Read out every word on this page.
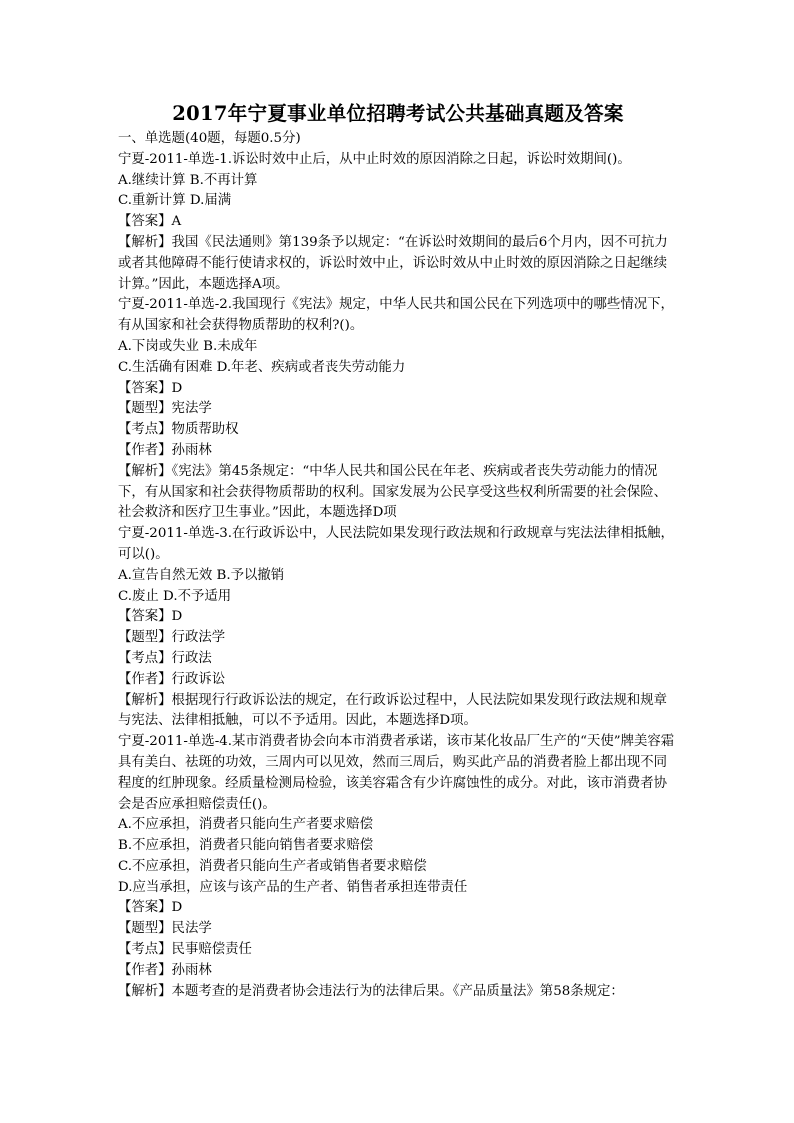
2017年宁夏事业单位招聘考试公共基础真题及答案
一、单选题(40题，每题0.5分)
宁夏-2011-单选-1.诉讼时效中止后，从中止时效的原因消除之日起，诉讼时效期间()。
A.继续计算 B.不再计算
C.重新计算 D.届满
【答案】A
【解析】我国《民法通则》第139条予以规定：“在诉讼时效期间的最后6个月内，因不可抗力或者其他障碍不能行使请求权的，诉讼时效中止，诉讼时效从中止时效的原因消除之日起继续计算。”因此，本题选择A项。
宁夏-2011-单选-2.我国现行《宪法》规定，中华人民共和国公民在下列选项中的哪些情况下，有从国家和社会获得物质帮助的权利?()。
A.下岗或失业 B.未成年
C.生活确有困难 D.年老、疾病或者丧失劳动能力
【答案】D
【题型】宪法学
【考点】物质帮助权
【作者】孙雨林
【解析】《宪法》第45条规定：“中华人民共和国公民在年老、疾病或者丧失劳动能力的情况下，有从国家和社会获得物质帮助的权利。国家发展为公民享受这些权利所需要的社会保险、社会救济和医疗卫生事业。”因此，本题选择D项
宁夏-2011-单选-3.在行政诉讼中，人民法院如果发现行政法规和行政规章与宪法法律相抵触，可以()。
A.宣告自然无效 B.予以撤销
C.废止 D.不予适用
【答案】D
【题型】行政法学
【考点】行政法
【作者】行政诉讼
【解析】根据现行行政诉讼法的规定，在行政诉讼过程中，人民法院如果发现行政法规和规章与宪法、法律相抵触，可以不予适用。因此，本题选择D项。
宁夏-2011-单选-4.某市消费者协会向本市消费者承诺，该市某化妆品厂生产的“天使”牌美容霜具有美白、祛斑的功效，三周内可以见效，然而三周后，购买此产品的消费者脸上都出现不同程度的红肿现象。经质量检测局检验，该美容霜含有少许腐蚀性的成分。对此，该市消费者协会是否应承担赔偿责任()。
A.不应承担，消费者只能向生产者要求赔偿
B.不应承担，消费者只能向销售者要求赔偿
C.不应承担，消费者只能向生产者或销售者要求赔偿
D.应当承担，应该与该产品的生产者、销售者承担连带责任
【答案】D
【题型】民法学
【考点】民事赔偿责任
【作者】孙雨林
【解析】本题考查的是消费者协会违法行为的法律后果。《产品质量法》第58条规定：
